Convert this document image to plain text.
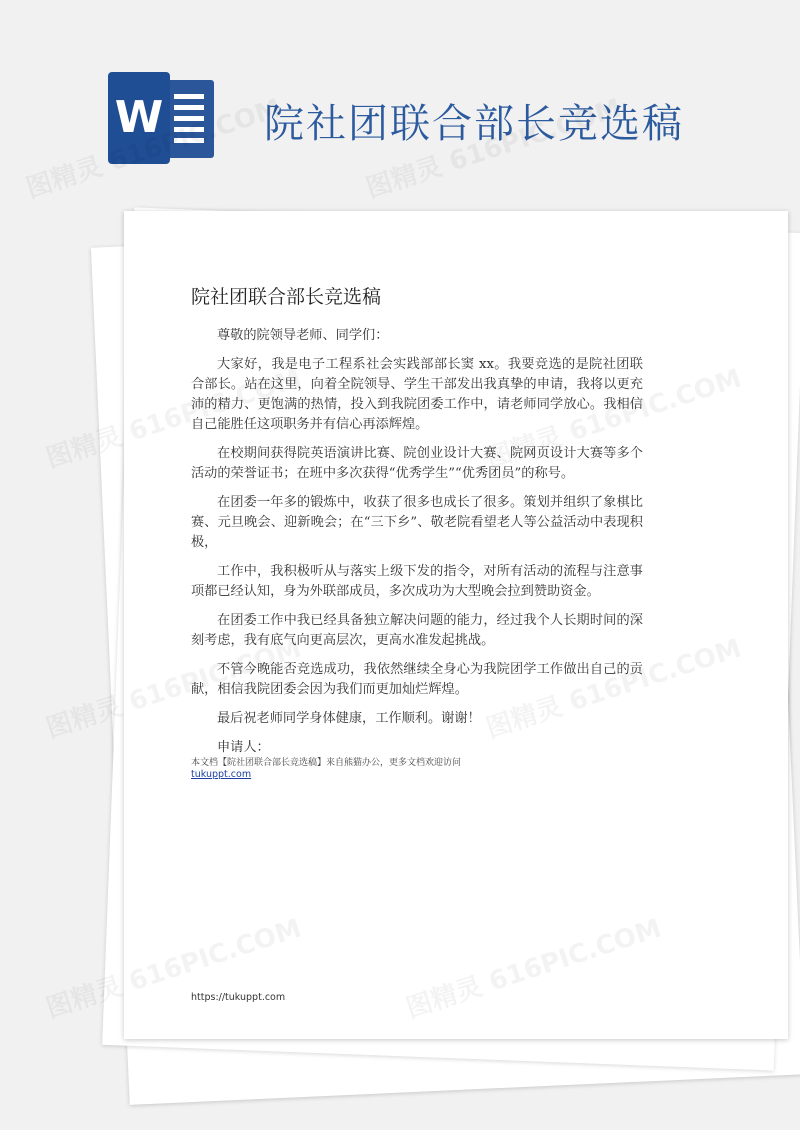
W	院社团联合部长竞选稿
院社团联合部长竞选稿

尊敬的院领导老师、同学们：

大家好，我是电子工程系社会实践部部长窦 xx。我要竞选的是院社团联合部长。站在这里，向着全院领导、学生干部发出我真挚的申请，我将以更充沛的精力、更饱满的热情，投入到我院团委工作中，请老师同学放心。我相信自己能胜任这项职务并有信心再添辉煌。

在校期间获得院英语演讲比赛、院创业设计大赛、院网页设计大赛等多个活动的荣誉证书；在班中多次获得“优秀学生”“优秀团员”的称号。

在团委一年多的锻炼中，收获了很多也成长了很多。策划并组织了象棋比赛、元旦晚会、迎新晚会；在“三下乡”、敬老院看望老人等公益活动中表现积极，

工作中，我积极听从与落实上级下发的指令，对所有活动的流程与注意事项都已经认知，身为外联部成员，多次成功为大型晚会拉到赞助资金。

在团委工作中我已经具备独立解决问题的能力，经过我个人长期时间的深刻考虑，我有底气向更高层次，更高水准发起挑战。

不管今晚能否竞选成功，我依然继续全身心为我院团学工作做出自己的贡献，相信我院团委会因为我们而更加灿烂辉煌。

最后祝老师同学身体健康，工作顺利。谢谢！

申请人：

本文档【院社团联合部长竞选稿】来自熊猫办公，更多文档欢迎访问
tukuppt.com
https://tukuppt.com
